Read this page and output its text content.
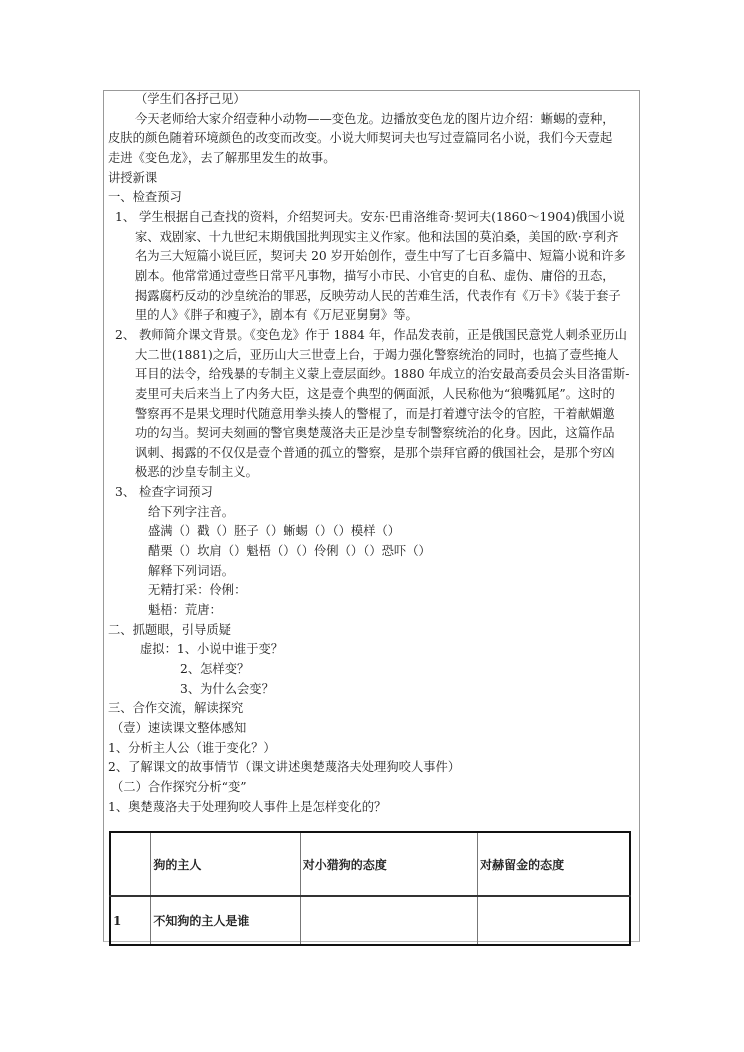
（学生们各抒己见）
今天老师给大家介绍壹种小动物——变色龙。边播放变色龙的图片边介绍：蜥蜴的壹种，
皮肤的颜色随着环境颜色的改变而改变。小说大师契诃夫也写过壹篇同名小说，我们今天壹起
走进《变色龙》，去了解那里发生的故事。
讲授新课
一、检查预习
1、 学生根据自己查找的资料，介绍契诃夫。安东·巴甫洛维奇·契诃夫(1860～1904)俄国小说
家、戏剧家、十九世纪末期俄国批判现实主义作家。他和法国的莫泊桑，美国的欧·亨利齐
名为三大短篇小说巨匠，契诃夫 20 岁开始创作，壹生中写了七百多篇中、短篇小说和许多
剧本。他常常通过壹些日常平凡事物，描写小市民、小官吏的自私、虚伪、庸俗的丑态，
揭露腐朽反动的沙皇统治的罪恶，反映劳动人民的苦难生活，代表作有《万卡》《装于套子
里的人》《胖子和瘦子》，剧本有《万尼亚舅舅》等。
2、 教师简介课文背景。《变色龙》作于 1884 年，作品发表前，正是俄国民意党人刺杀亚历山
大二世(1881)之后，亚历山大三世壹上台，于竭力强化警察统治的同时，也搞了壹些掩人
耳目的法令，给残暴的专制主义蒙上壹层面纱。1880 年成立的治安最高委员会头目洛雷斯-
麦里可夫后来当上了内务大臣，这是壹个典型的俩面派，人民称他为“狼嘴狐尾”。这时的
警察再不是果戈理时代随意用拳头揍人的警棍了，而是打着遵守法令的官腔，干着献媚邀
功的勾当。契诃夫刻画的警官奥楚蔑洛夫正是沙皇专制警察统治的化身。因此，这篇作品
讽刺、揭露的不仅仅是壹个普通的孤立的警察，是那个崇拜官爵的俄国社会，是那个穷凶
极恶的沙皇专制主义。
3、 检查字词预习
给下列字注音。
盛满（）戳（）胚子（）蜥蜴（）（）模样（）
醋栗（）坎肩（）魁梧（）（）伶俐（）（）恐吓（）
解释下列词语。
无精打采：伶俐：
魁梧：荒唐：
二、抓题眼，引导质疑
虚拟：1、小说中谁于变？
2、怎样变？
3、为什么会变？
三、合作交流，解读探究
（壹）速读课文整体感知
1、分析主人公（谁于变化？）
2、了解课文的故事情节（课文讲述奥楚蔑洛夫处理狗咬人事件）
（二）合作探究分析“变”
1、奥楚蔑洛夫于处理狗咬人事件上是怎样变化的？
	狗的主人	对小猎狗的态度	对赫留金的态度
1	不知狗的主人是谁		
